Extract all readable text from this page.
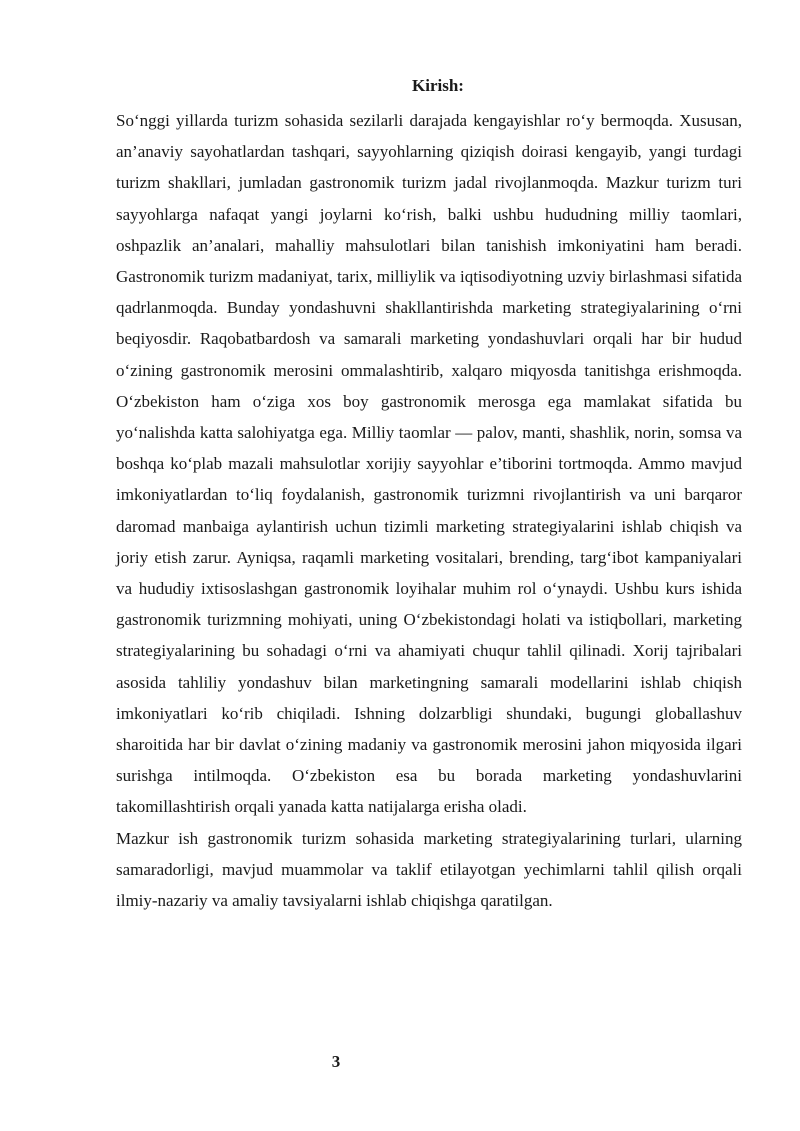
Kirish:

So‘nggi yillarda turizm sohasida sezilarli darajada kengayishlar ro‘y bermoqda. Xususan, an’anaviy sayohatlardan tashqari, sayyohlarning qiziqish doirasi kengayib, yangi turdagi turizm shakllari, jumladan gastronomik turizm jadal rivojlanmoqda. Mazkur turizm turi sayyohlarga nafaqat yangi joylarni ko‘rish, balki ushbu hududning milliy taomlari, oshpazlik an’analari, mahalliy mahsulotlari bilan tanishish imkoniyatini ham beradi. Gastronomik turizm madaniyat, tarix, milliylik va iqtisodiyotning uzviy birlashmasi sifatida qadrlanmoqda. Bunday yondashuvni shakllantirishda marketing strategiyalarining o‘rni beqiyosdir. Raqobatbardosh va samarali marketing yondashuvlari orqali har bir hudud o‘zining gastronomik merosini ommalashtirib, xalqaro miqyosda tanitishga erishmoqda. O‘zbekiston ham o‘ziga xos boy gastronomik merosga ega mamlakat sifatida bu yo‘nalishda katta salohiyatga ega. Milliy taomlar — palov, manti, shashlik, norin, somsa va boshqa ko‘plab mazali mahsulotlar xorijiy sayyohlar e’tiborini tortmoqda. Ammo mavjud imkoniyatlardan to‘liq foydalanish, gastronomik turizmni rivojlantirish va uni barqaror daromad manbaiga aylantirish uchun tizimli marketing strategiyalarini ishlab chiqish va joriy etish zarur. Ayniqsa, raqamli marketing vositalari, brending, targ‘ibot kampaniyalari va hududiy ixtisoslashgan gastronomik loyihalar muhim rol o‘ynaydi. Ushbu kurs ishida gastronomik turizmning mohiyati, uning O‘zbekistondagi holati va istiqbollari, marketing strategiyalarining bu sohadagi o‘rni va ahamiyati chuqur tahlil qilinadi. Xorij tajribalari asosida tahliliy yondashuv bilan marketingning samarali modellarini ishlab chiqish imkoniyatlari ko‘rib chiqiladi. Ishning dolzarbligi shundaki, bugungi globallashuv sharoitida har bir davlat o‘zining madaniy va gastronomik merosini jahon miqyosida ilgari surishga intilmoqda. O‘zbekiston esa bu borada marketing yondashuvlarini takomillashtirish orqali yanada katta natijalarga erisha oladi.

Mazkur ish gastronomik turizm sohasida marketing strategiyalarining turlari, ularning samaradorligi, mavjud muammolar va taklif etilayotgan yechimlarni tahlil qilish orqali ilmiy-nazariy va amaliy tavsiyalarni ishlab chiqishga qaratilgan.

3
